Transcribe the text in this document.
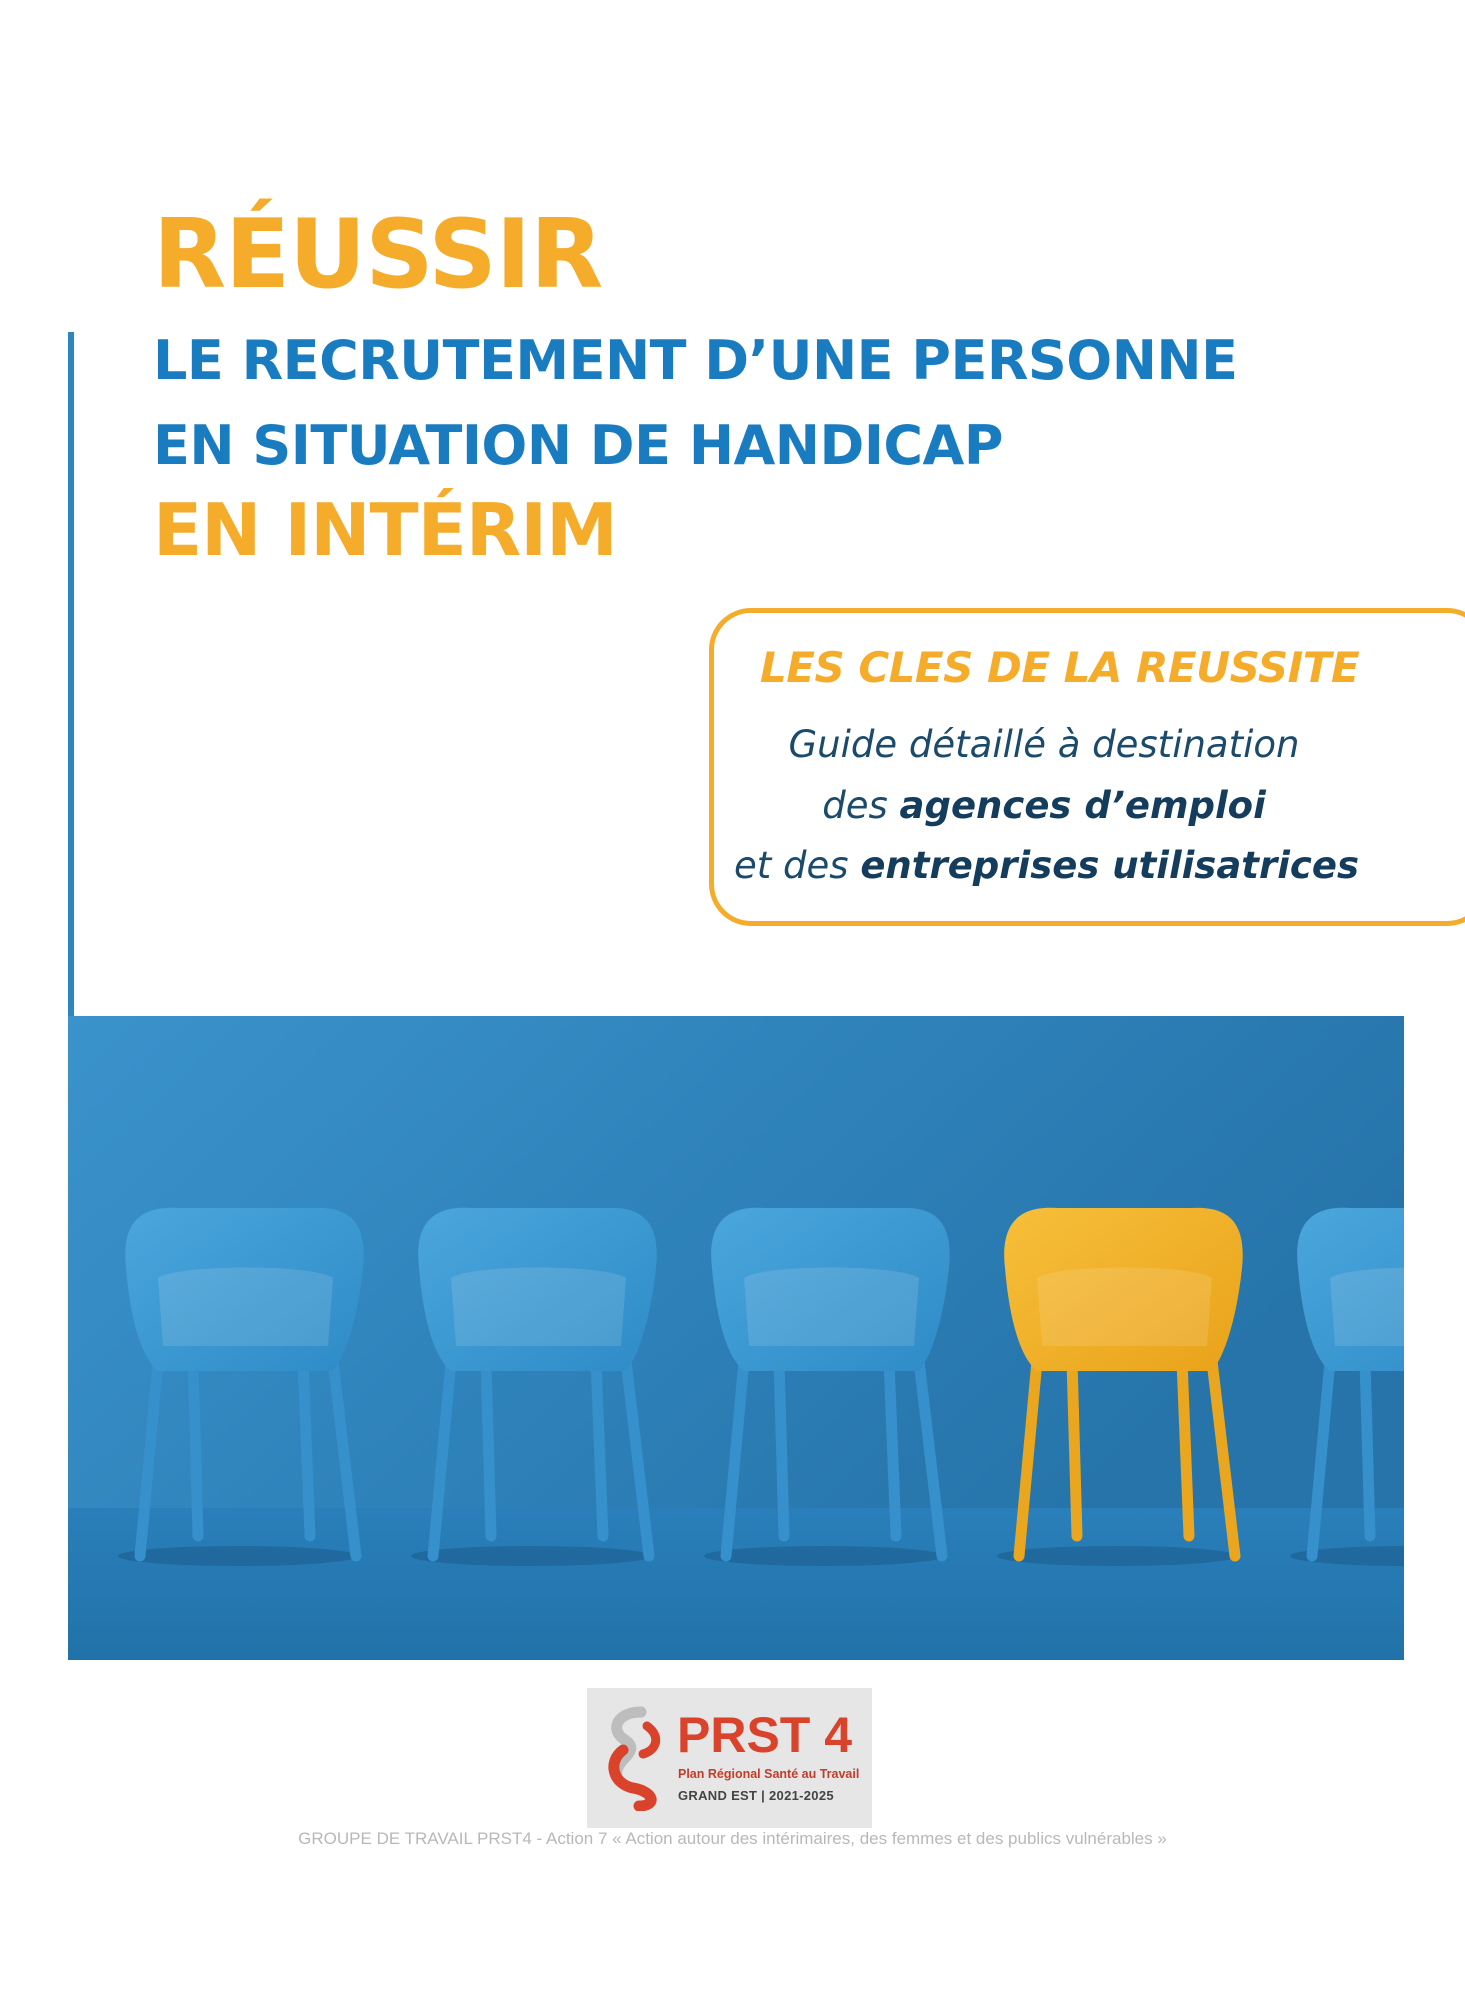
RÉUSSIR
LE RECRUTEMENT D’UNE PERSONNE
EN SITUATION DE HANDICAP
EN INTÉRIM
LES CLES DE LA REUSSITE
Guide détaillé à destination
des agences d’emploi
et des entreprises utilisatrices
PRST 4
Plan Régional Santé au Travail
GRAND EST | 2021-2025
GROUPE DE TRAVAIL PRST4 - Action 7 « Action autour des intérimaires, des femmes et des publics vulnérables »
